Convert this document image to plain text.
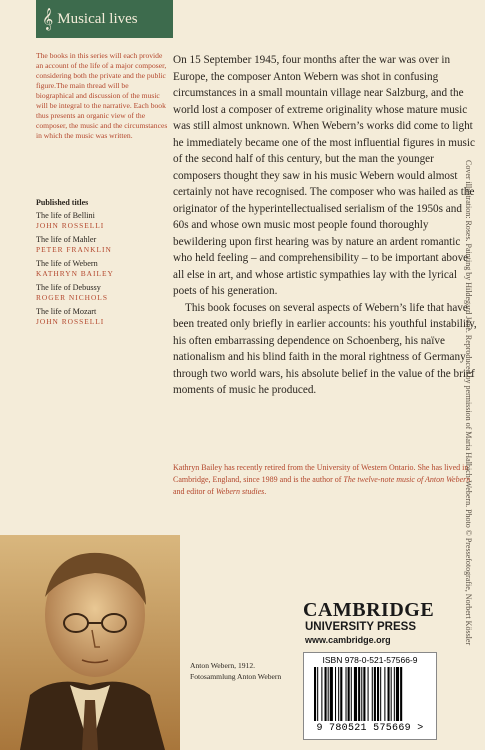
𝄞 Musical lives
The books in this series will each provide an account of the life of a major composer, considering both the private and the public figure.The main thread will be biographical and discussion of the music will be integral to the narrative. Each book thus presents an organic view of the composer, the music and the circumstances in which the music was written.
Published titles
The life of Bellini
JOHN ROSSELLI
The life of Mahler
PETER FRANKLIN
The life of Webern
KATHRYN BAILEY
The life of Debussy
ROGER NICHOLS
The life of Mozart
JOHN ROSSELLI

On 15 September 1945, four months after the war was over in Europe, the composer Anton Webern was shot in confusing circumstances in a small mountain village near Salzburg, and the world lost a composer of extreme originality whose mature music was still almost unknown. When Webern’s works did come to light he immediately became one of the most influential figures in music of the second half of this century, but the man the younger composers thought they saw in his music Webern would almost certainly not have recognised. The composer who was hailed as the originator of the hyperintellectualised serialism of the 1950s and 60s and whose own music most people found thoroughly bewildering upon first hearing was by nature an ardent romantic who held feeling – and comprehensibility – to be important above all else in art, and whose artistic sympathies lay with the lyrical poets of his generation.

This book focuses on several aspects of Webern’s life that have been treated only briefly in earlier accounts: his youthful instability, his often embarrassing dependence on Schoenberg, his naïve nationalism and his blind faith in the moral rightness of Germany through two world wars, his absolute belief in the value of the brief moments of music he produced.

Kathryn Bailey has recently retired from the University of Western Ontario. She has lived in Cambridge, England, since 1989 and is the author of The twelve-note music of Anton Webern and editor of Webern studies.	Cover illustration: Roses. Painting by Hildegard Jone. Reproduced by permission of Maria Halbich-Webern. Photo © Pressefotografie, Norbert Kössler
Anton Webern, 1912.
Fotosammlung Anton Webern
CAMBRIDGE
UNIVERSITY PRESS
www.cambridge.org
ISBN 978-0-521-57566-9
9 780521 575669 >
